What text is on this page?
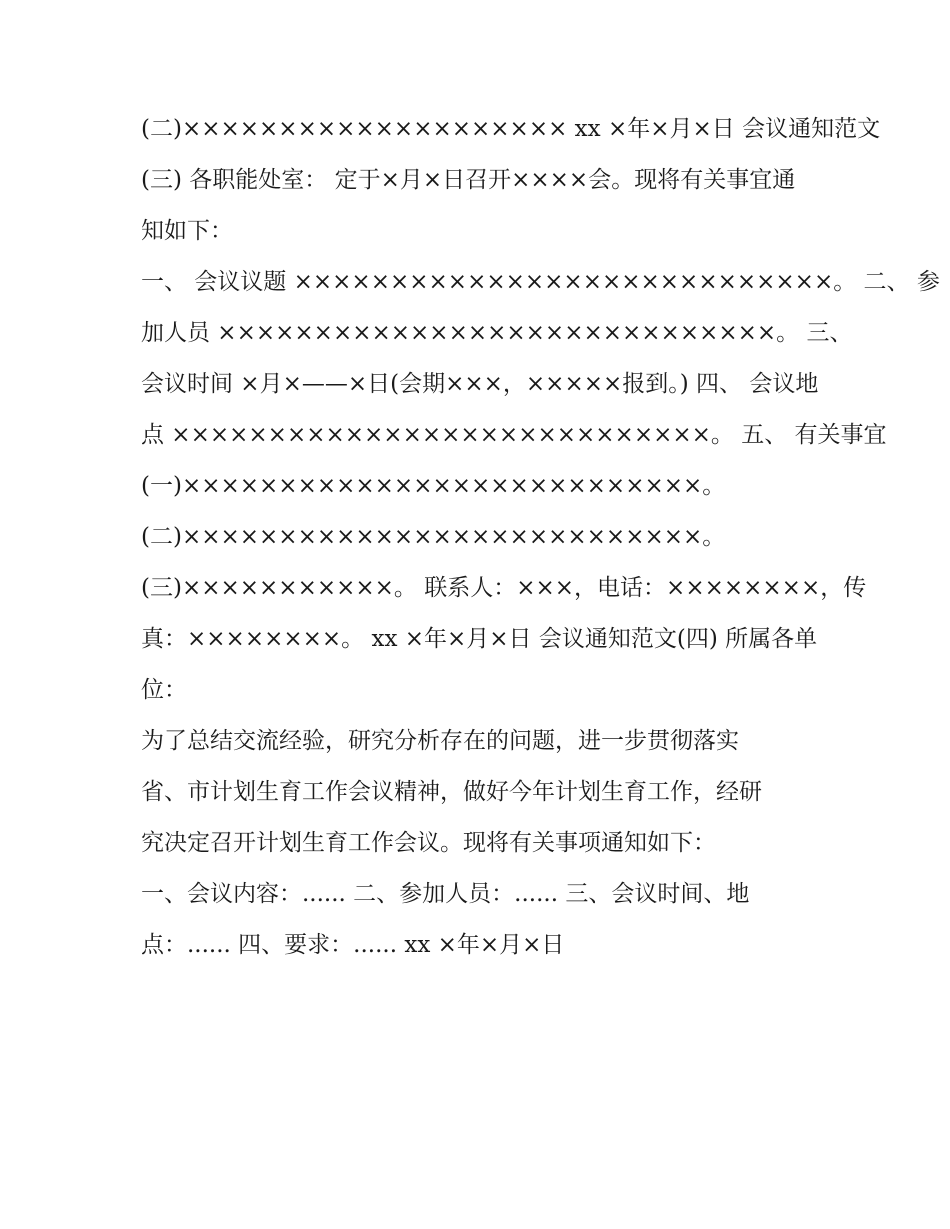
(二)×××××××××××××××××××× xx ×年×月×日 会议通知范文
(三) 各职能处室： 定于×月×日召开××××会。现将有关事宜通
知如下：
一、 会议议题 ××××××××××××××××××××××××××××。 二、 参
加人员 ×××××××××××××××××××××××××××××。 三、
会议时间 ×月×——×日(会期×××，×××××报到。) 四、 会议地
点 ××××××××××××××××××××××××××××。 五、 有关事宜
(一)×××××××××××××××××××××××××××。
(二)×××××××××××××××××××××××××××。
(三)×××××××××××。 联系人：×××，电话：××××××××，传
真：××××××××。 xx ×年×月×日 会议通知范文(四) 所属各单
位：
为了总结交流经验，研究分析存在的问题，进一步贯彻落实
省、市计划生育工作会议精神，做好今年计划生育工作，经研
究决定召开计划生育工作会议。现将有关事项通知如下：
一、会议内容：...... 二、参加人员：...... 三、会议时间、地
点：...... 四、要求：...... xx ×年×月×日
